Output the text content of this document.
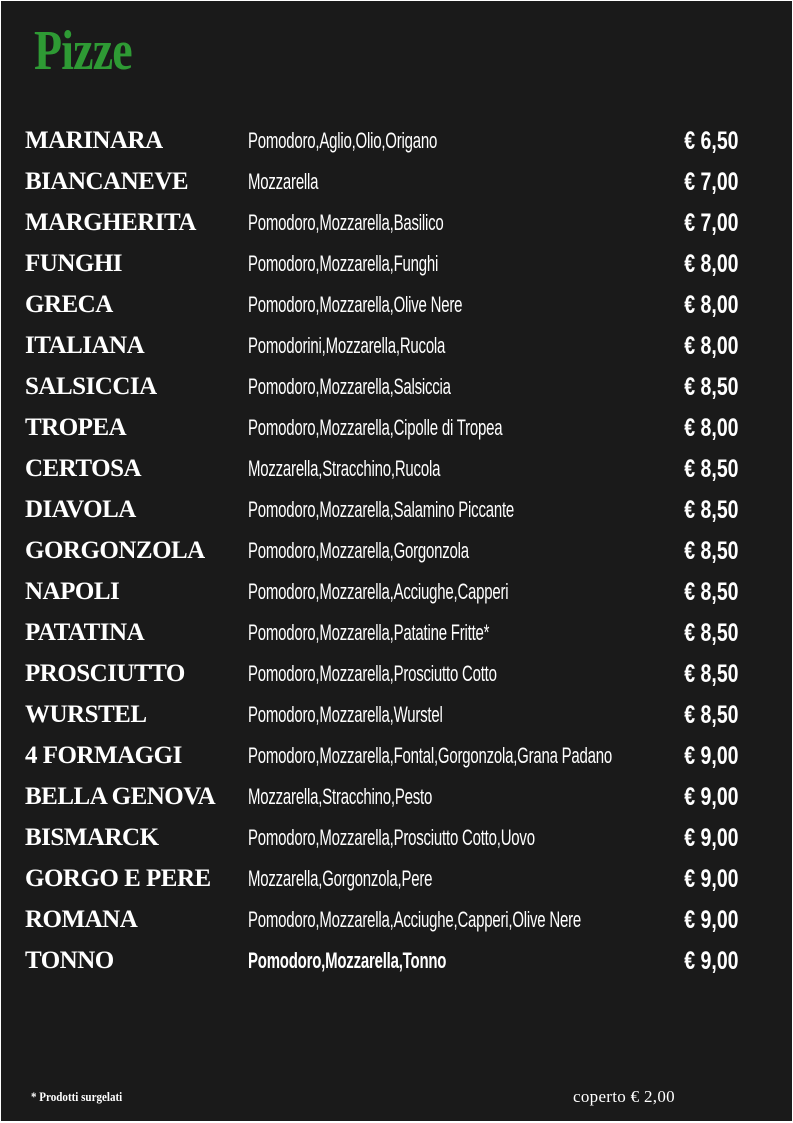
Pizze
MARINARA	Pomodoro,Aglio,Olio,Origano	€ 6,50
BIANCANEVE	Mozzarella	€ 7,00
MARGHERITA Pomodoro,Mozzarella,Basilico	€ 7,00
FUNGHI	Pomodoro,Mozzarella,Funghi	€ 8,00
GRECA	Pomodoro,Mozzarella,Olive Nere	€ 8,00
ITALIANA	Pomodorini,Mozzarella,Rucola	€ 8,00
SALSICCIA	Pomodoro,Mozzarella,Salsiccia	€ 8,50
TROPEA	Pomodoro,Mozzarella,Cipolle di Tropea	€ 8,00
CERTOSA	Mozzarella,Stracchino,Rucola	€ 8,50
DIAVOLA	Pomodoro,Mozzarella,Salamino Piccante	€ 8,50
GORGONZOLA Pomodoro,Mozzarella,Gorgonzola	€ 8,50
NAPOLI	Pomodoro,Mozzarella,Acciughe,Capperi	€ 8,50
PATATINA	Pomodoro,Mozzarella,Patatine Fritte*	€ 8,50
PROSCIUTTO	Pomodoro,Mozzarella,Prosciutto Cotto	€ 8,50
WURSTEL	Pomodoro,Mozzarella,Wurstel	€ 8,50
4 FORMAGGI	Pomodoro,Mozzarella,Fontal,Gorgonzola,Grana Padano	€ 9,00
BELLA GENOVA Mozzarella,Stracchino,Pesto	€ 9,00
BISMARCK	Pomodoro,Mozzarella,Prosciutto Cotto,Uovo	€ 9,00
GORGO E PERE Mozzarella,Gorgonzola,Pere	€ 9,00
ROMANA	Pomodoro,Mozzarella,Acciughe,Capperi,Olive Nere	€ 9,00
TONNO	Pomodoro,Mozzarella,Tonno	€ 9,00
* Prodotti surgelati	coperto € 2,00
